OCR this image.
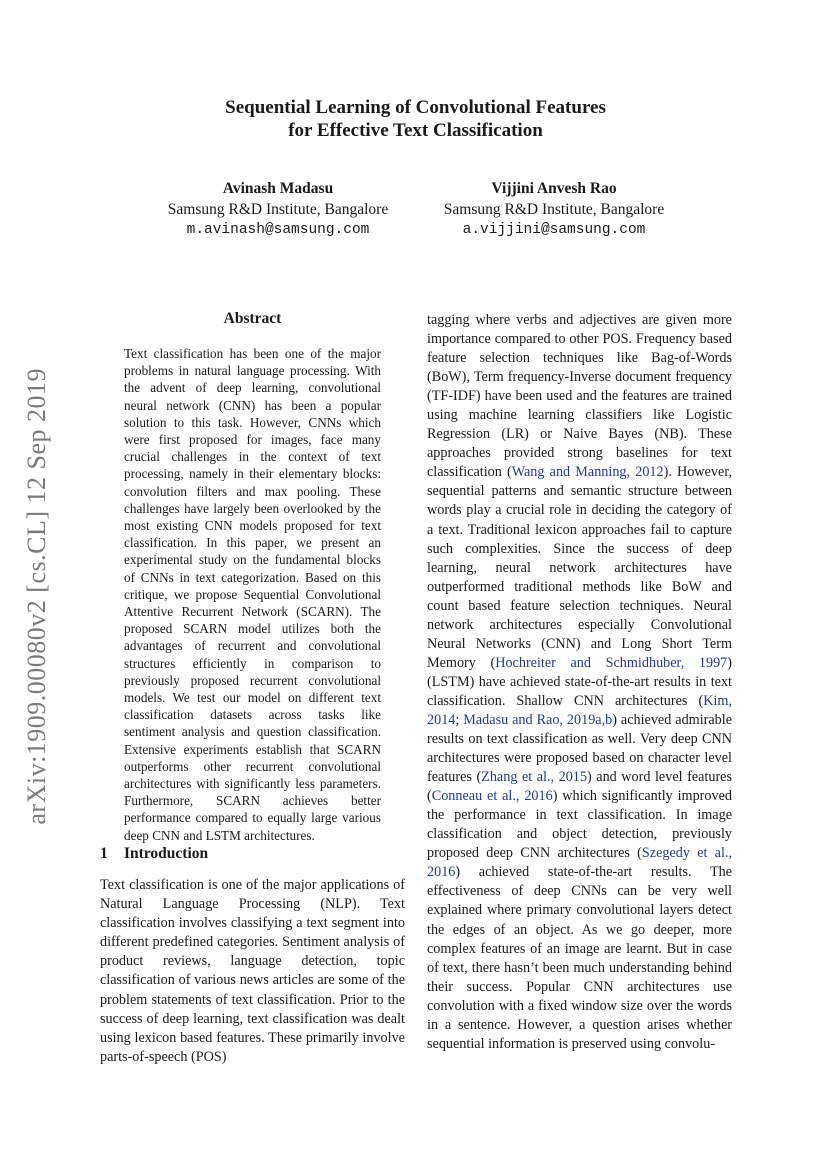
arXiv:1909.00080v2 [cs.CL] 12 Sep 2019
Sequential Learning of Convolutional Features
for Effective Text Classification
Avinash Madasu
Samsung R&D Institute, Bangalore
m.avinash@samsung.com
Vijjini Anvesh Rao
Samsung R&D Institute, Bangalore
a.vijjini@samsung.com
Abstract

Text classification has been one of the major problems in natural language processing. With the advent of deep learning, convolutional neural network (CNN) has been a popular solution to this task. However, CNNs which were first proposed for images, face many crucial challenges in the context of text processing, namely in their elementary blocks: convolution filters and max pooling. These challenges have largely been overlooked by the most existing CNN models proposed for text classification. In this paper, we present an experimental study on the fundamental blocks of CNNs in text categorization. Based on this critique, we propose Sequential Convolutional Attentive Recurrent Network (SCARN). The proposed SCARN model utilizes both the advantages of recurrent and convolutional structures efficiently in comparison to previously proposed recurrent convolutional models. We test our model on different text classification datasets across tasks like sentiment analysis and question classification. Extensive experiments establish that SCARN outperforms other recurrent convolutional architectures with significantly less parameters. Furthermore, SCARN achieves better performance compared to equally large various deep CNN and LSTM architectures.

1 Introduction

Text classification is one of the major applications of Natural Language Processing (NLP). Text classification involves classifying a text segment into different predefined categories. Sentiment analysis of product reviews, language detection, topic classification of various news articles are some of the problem statements of text classification. Prior to the success of deep learning, text classification was dealt using lexicon based features. These primarily involve parts-of-speech (POS)

tagging where verbs and adjectives are given more importance compared to other POS. Frequency based feature selection techniques like Bag-of-Words (BoW), Term frequency-Inverse document frequency (TF-IDF) have been used and the features are trained using machine learning classifiers like Logistic Regression (LR) or Naive Bayes (NB). These approaches provided strong baselines for text classification (Wang and Manning, 2012). However, sequential patterns and semantic structure between words play a crucial role in deciding the category of a text. Traditional lexicon approaches fail to capture such complexities. Since the success of deep learning, neural network architectures have outperformed traditional methods like BoW and count based feature selection techniques. Neural network architectures especially Convolutional Neural Networks (CNN) and Long Short Term Memory (Hochreiter and Schmidhuber, 1997) (LSTM) have achieved state-of-the-art results in text classification. Shallow CNN architectures (Kim, 2014; Madasu and Rao, 2019a,b) achieved admirable results on text classification as well. Very deep CNN architectures were proposed based on character level features (Zhang et al., 2015) and word level features (Conneau et al., 2016) which significantly improved the performance in text classification. In image classification and object detection, previously proposed deep CNN architectures (Szegedy et al., 2016) achieved state-of-the-art results. The effectiveness of deep CNNs can be very well explained where primary convolutional layers detect the edges of an object. As we go deeper, more complex features of an image are learnt. But in case of text, there hasn’t been much understanding behind their success. Popular CNN architectures use convolution with a fixed window size over the words in a sentence. However, a question arises whether sequential information is preserved using convolu-
